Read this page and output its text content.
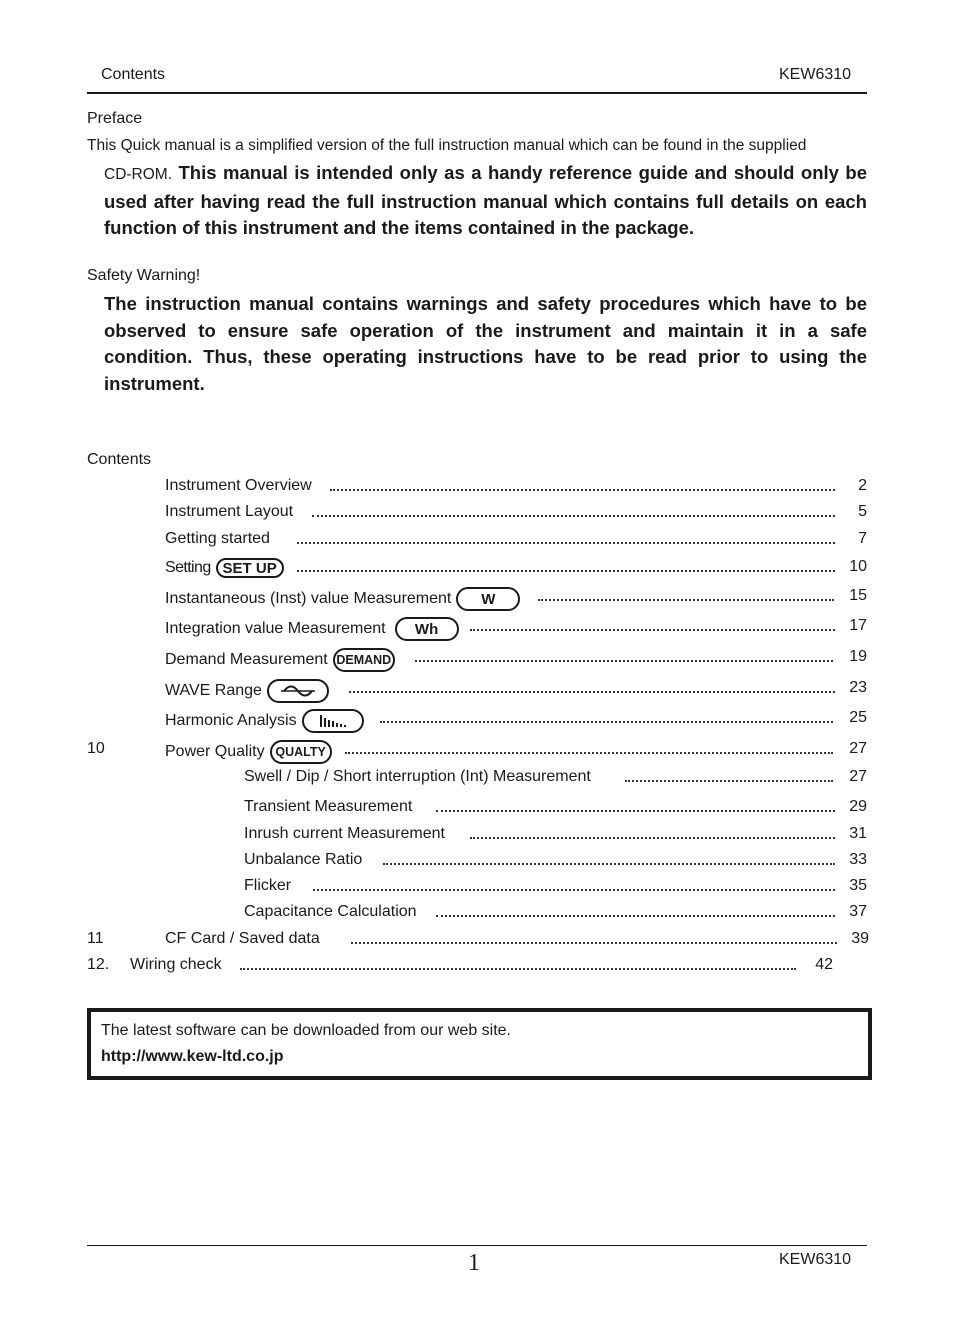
Contents	KEW6310
Preface
This Quick manual is a simplified version of the full instruction manual which can be found in the supplied
CD-ROM. This manual is intended only as a handy reference guide and should only be used after having read the full instruction manual which contains full details on each function of this instrument and the items contained in the package.
Safety Warning!
The instruction manual contains warnings and safety procedures which have to be observed to ensure safe operation of the instrument and maintain it in a safe condition. Thus, these operating instructions have to be read prior to using the instrument.
Contents
Instrument Overview	2
Instrument Layout	5
Getting started	7
Setting SET UP	10
Instantaneous (Inst) value Measurement	W	15
Integration value Measurement	Wh	17
Demand Measurement DEMAND	19
WAVE Range	23
Harmonic Analysis	25
10	Power Quality QUALTY	27
Swell / Dip / Short interruption (Int) Measurement	27
Transient Measurement	29
Inrush current Measurement	31
Unbalance Ratio	33
Flicker	35
Capacitance Calculation	37
11	CF Card / Saved data	39
12. Wiring check	42
The latest software can be downloaded from our web site.
http://www.kew-ltd.co.jp
1	KEW6310
